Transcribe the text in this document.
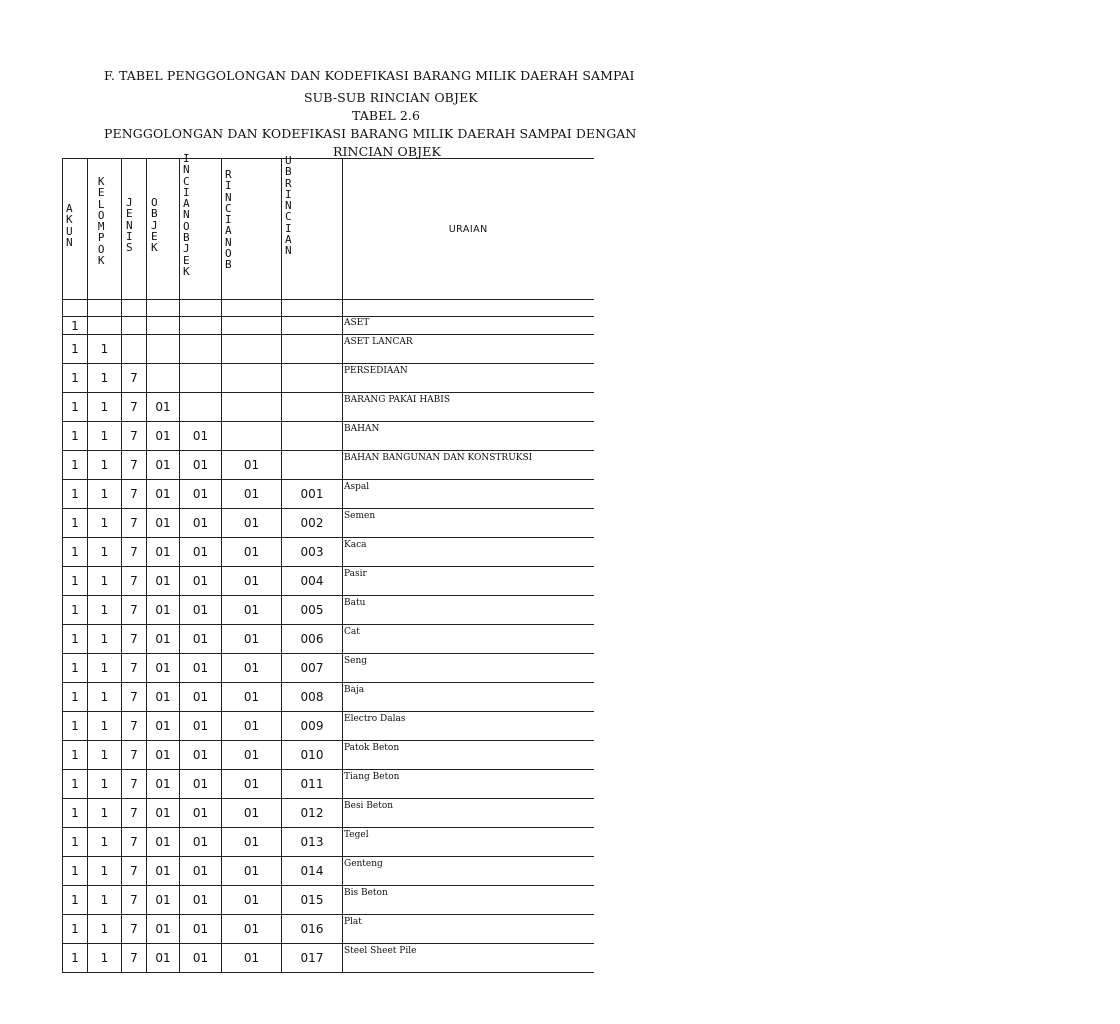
F. TABEL PENGGOLONGAN DAN KODEFIKASI BARANG MILIK DAERAH SAMPAI
SUB-SUB RINCIAN OBJEK
TABEL 2.6
PENGGOLONGAN DAN KODEFIKASI BARANG MILIK DAERAH SAMPAI DENGAN
RINCIAN OBJEK
AKUN	KELOMPOK	JENIS	OBJEK	INCIAN OBJEK	RINCIAN OB	UB RINCIAN	URAIAN

1							ASET
1	1						ASET LANCAR
1	1	7					PERSEDIAAN
1	1	7	01				BARANG PAKAI HABIS
1	1	7	01	01			BAHAN
1	1	7	01	01	01		BAHAN BANGUNAN DAN KONSTRUKSI
1	1	7	01	01	01	001	Aspal
1	1	7	01	01	01	002	Semen
1	1	7	01	01	01	003	Kaca
1	1	7	01	01	01	004	Pasir
1	1	7	01	01	01	005	Batu
1	1	7	01	01	01	006	Cat
1	1	7	01	01	01	007	Seng
1	1	7	01	01	01	008	Baja
1	1	7	01	01	01	009	Electro Dalas
1	1	7	01	01	01	010	Patok Beton
1	1	7	01	01	01	011	Tiang Beton
1	1	7	01	01	01	012	Besi Beton
1	1	7	01	01	01	013	Tegel
1	1	7	01	01	01	014	Genteng
1	1	7	01	01	01	015	Bis Beton
1	1	7	01	01	01	016	Plat
1	1	7	01	01	01	017	Steel Sheet Pile
